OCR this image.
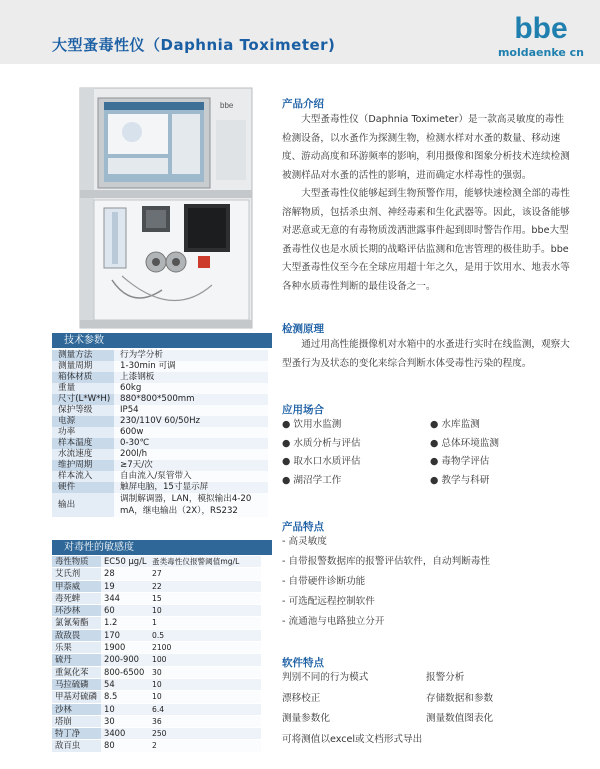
大型蚤毒性仪（Daphnia Toximeter)	bbe
moldaenke cn
bbe
技术参数
测量方法	行为学分析
测量周期	1-30min 可调
箱体材质	上漆钢板
重量	60kg
尺寸(L*W*H)	880*800*500mm
保护等级	IP54
电源	230/110V 60/50Hz
功率	600w
样本温度	0-30℃
水流速度	200l/h
维护周期	≥7天/次
样本流入	自由流入/泵管带入
硬件	触屏电脑，15寸显示屏
输出	调制解调器，LAN，模拟输出4-20 mA，继电输出（2X），RS232
对毒性的敏感度
毒性物质	EC50 µg/L	蚤类毒性仪报警阈值mg/L
艾氏剂	28	27
甲萘威	19	22
毒死蜱	344	15
环沙林	60	10
氯氰菊酯	1.2	1
敌敌畏	170	0.5
乐果	1900	2100
硫丹	200-900	100
重氮化苯	800-6500	30
马拉硫磷	54	10
甲基对硫磷	8.5	10
沙林	10	6.4
塔崩	30	36
特丁净	3400	250
敌百虫	80	2
产品介绍
大型蚤毒性仪（Daphnia Toximeter）是一款高灵敏度的毒性检测设备，以水蚤作为探测生物，检测水样对水蚤的数量、移动速度、游动高度和环游频率的影响，利用摄像和图象分析技术连续检测被测样品对水蚤的活性的影响，进而确定水样毒性的强弱。
大型蚤毒性仪能够起到生物预警作用，能够快速检测全部的毒性溶解物质，包括杀虫剂、神经毒素和生化武器等。因此，该设备能够对恶意或无意的有毒物质泼洒泄露事件起到即时警告作用。bbe大型蚤毒性仪也是水质长期的战略评估监测和危害管理的极佳助手。bbe大型蚤毒性仪至今在全球应用超十年之久，是用于饮用水、地表水等各种水质毒性判断的最佳设备之一。
检测原理
通过用高性能摄像机对水箱中的水蚤进行实时在线监测，观察大型蚤行为及状态的变化来综合判断水体受毒性污染的程度。
应用场合
● 饮用水监测	● 水库监测
● 水质分析与评估	● 总体环境监测
● 取水口水质评估	● 毒物学评估
● 湖沼学工作	● 教学与科研
产品特点
- 高灵敏度
- 自带报警数据库的报警评估软件，自动判断毒性
- 自带硬件诊断功能
- 可选配远程控制软件
- 流通池与电路独立分开
软件特点
判别不同的行为模式	报警分析
漂移校正	存储数据和参数
测量参数化	测量数值图表化
可将测值以excel或文档形式导出
